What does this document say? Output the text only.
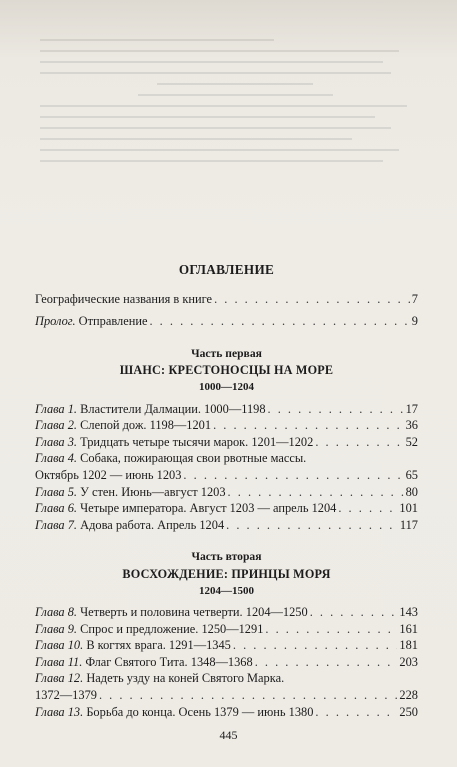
ОГЛАВЛЕНИЕ
Географические названия в книге . . .	7
Пролог. Отправление . . .	9
Часть первая
ШАНС: КРЕСТОНОСЦЫ НА МОРЕ
1000—1204
Глава 1. Властители Далмации. 1000—1198 . . .	17
Глава 2. Слепой дож. 1198—1201 . . .	36
Глава 3. Тридцать четыре тысячи марок. 1201—1202 . . .	52
Глава 4. Собака, пожирающая свои рвотные массы.
Октябрь 1202 — июнь 1203 . . .	65
Глава 5. У стен. Июнь—август 1203 . . .	80
Глава 6. Четыре императора. Август 1203 — апрель 1204 . . .	101
Глава 7. Адова работа. Апрель 1204 . . .	117
Часть вторая
ВОСХОЖДЕНИЕ: ПРИНЦЫ МОРЯ
1204—1500
Глава 8. Четверть и половина четверти. 1204—1250 . . .	143
Глава 9. Спрос и предложение. 1250—1291 . . .	161
Глава 10. В когтях врага. 1291—1345 . . .	181
Глава 11. Флаг Святого Тита. 1348—1368 . . .	203
Глава 12. Надеть узду на коней Святого Марка.
1372—1379 . . .	228
Глава 13. Борьба до конца. Осень 1379 — июнь 1380 . . .	250
445
